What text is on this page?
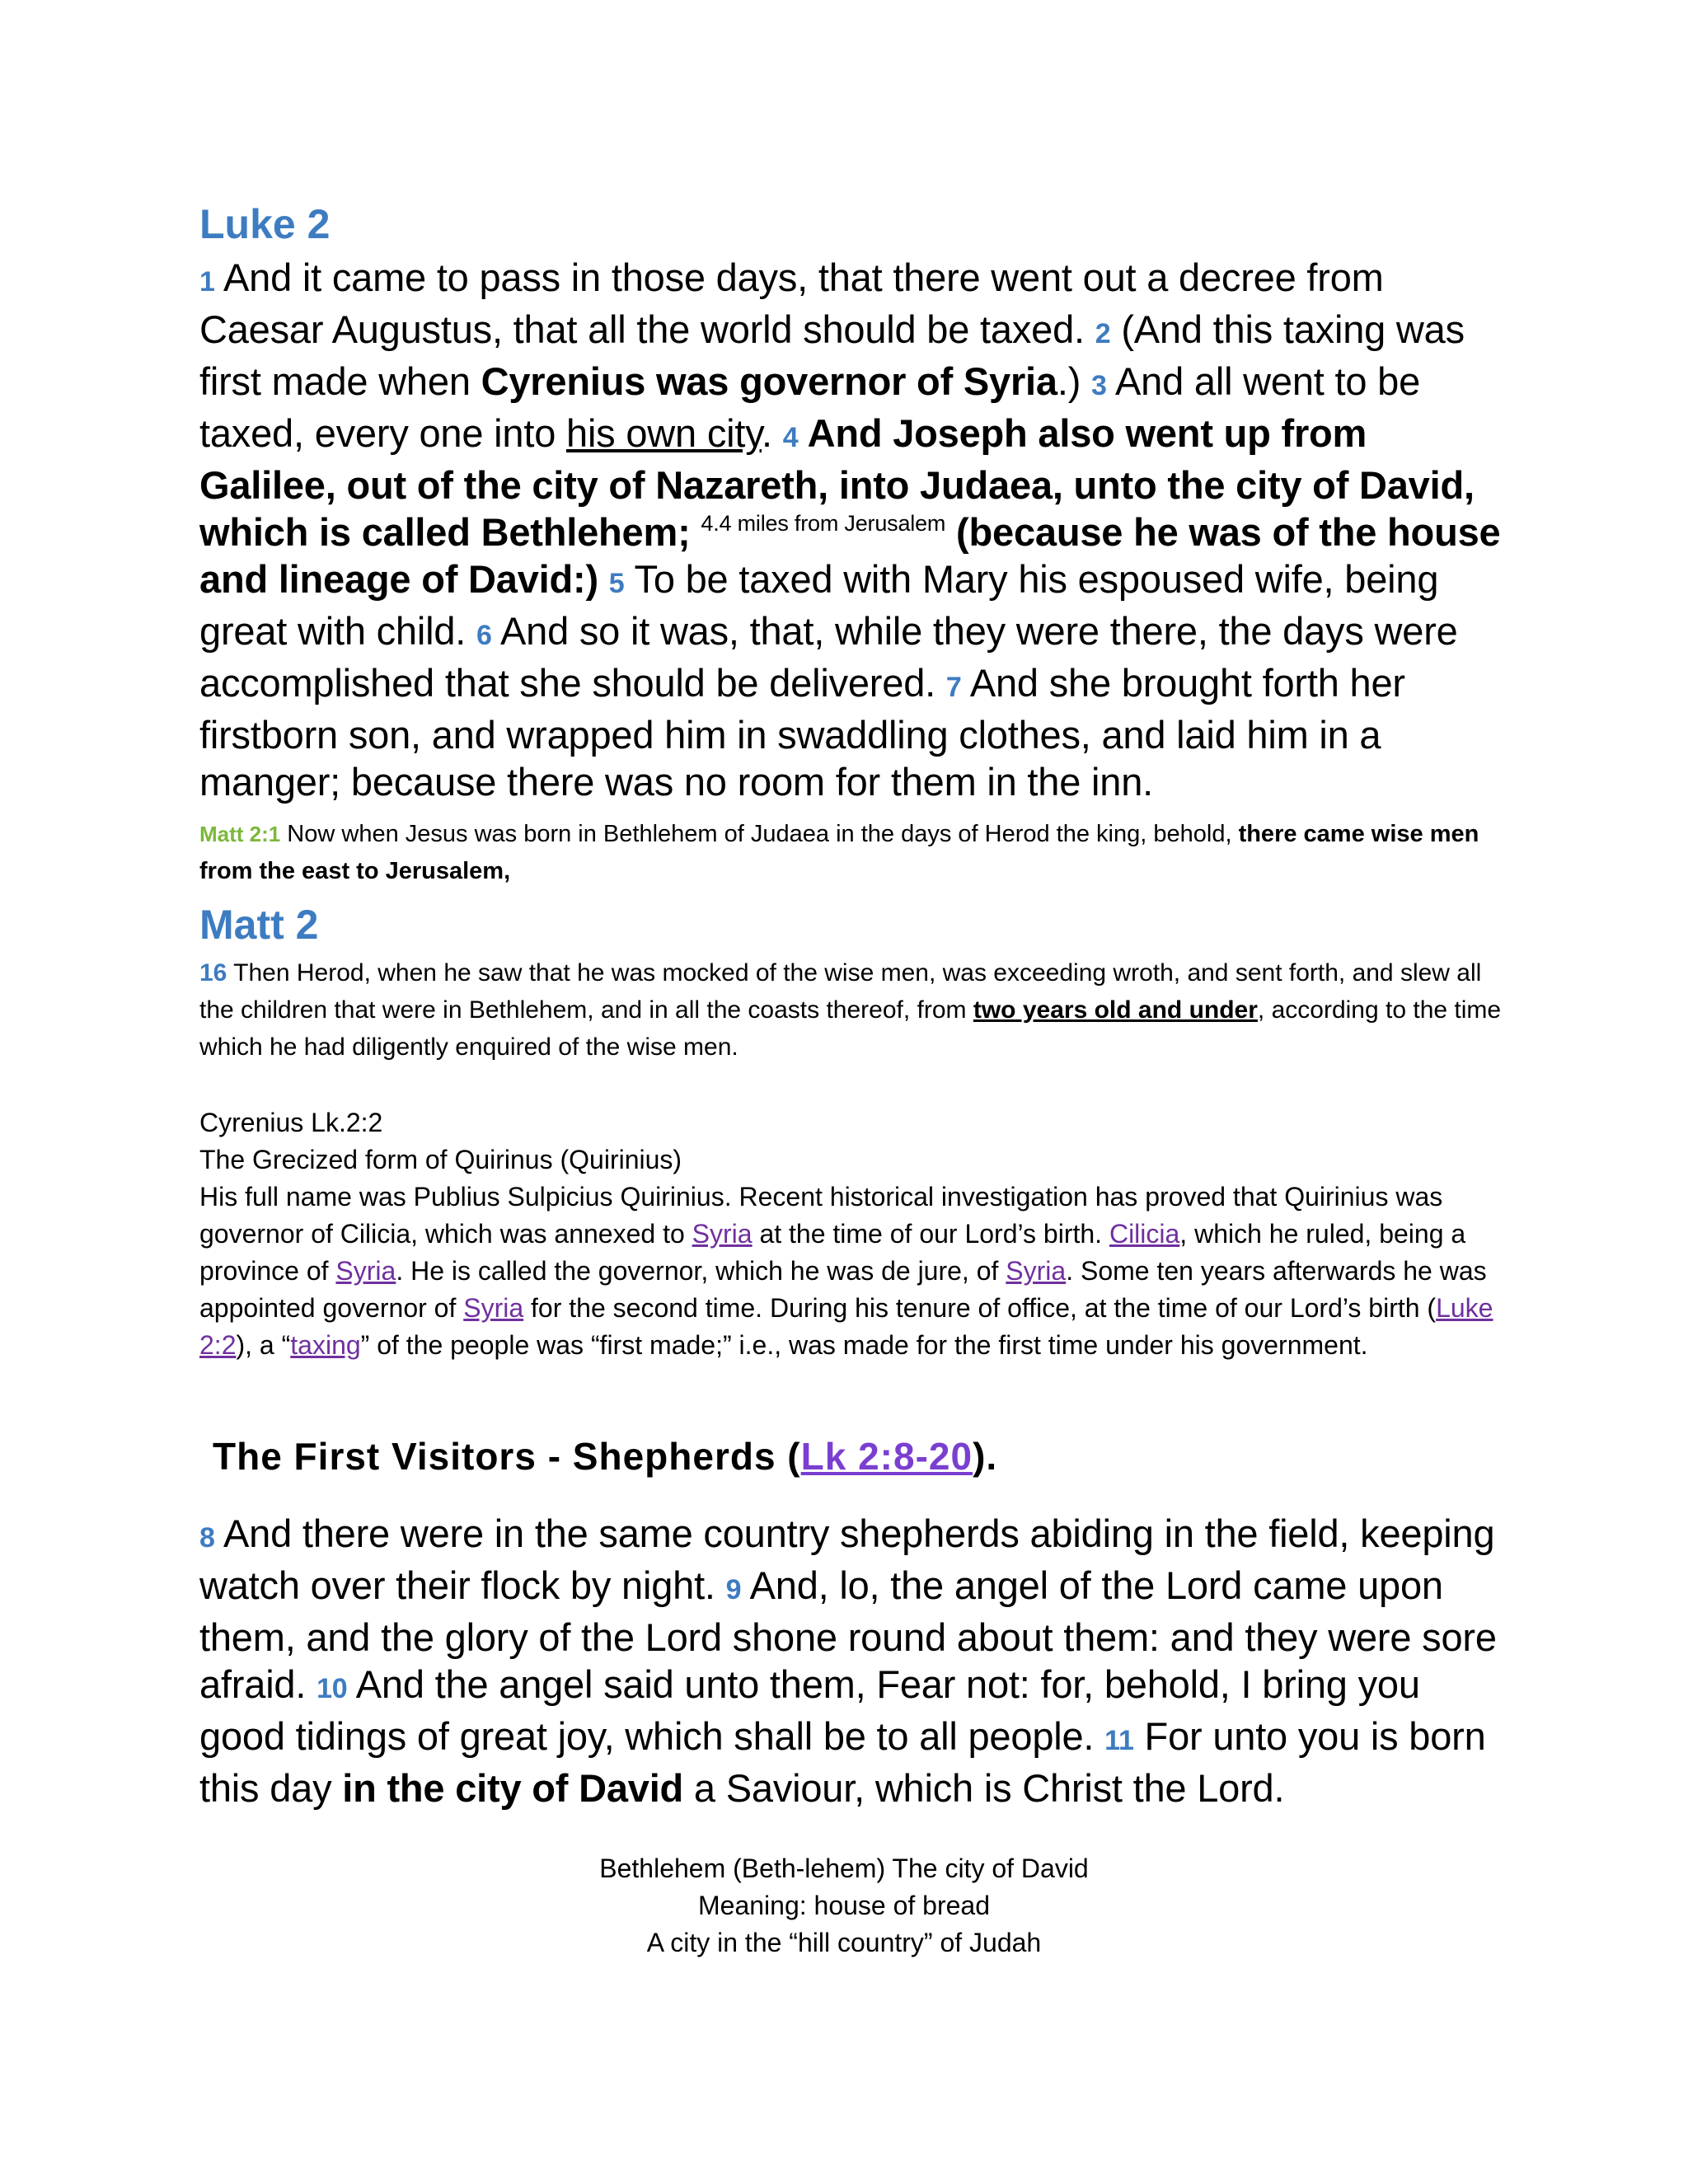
Luke 2

1 And it came to pass in those days, that there went out a decree from Caesar Augustus, that all the world should be taxed. 2 (And this taxing was first made when Cyrenius was governor of Syria.) 3 And all went to be taxed, every one into his own city. 4 And Joseph also went up from Galilee, out of the city of Nazareth, into Judaea, unto the city of David, which is called Bethlehem; $^{4.4 miles from Jerusalem}$ (because he was of the house and lineage of David:) 5 To be taxed with Mary his espoused wife, being great with child. 6 And so it was, that, while they were there, the days were accomplished that she should be delivered. 7 And she brought forth her firstborn son, and wrapped him in swaddling clothes, and laid him in a manger; because there was no room for them in the inn.

Matt 2:1 Now when Jesus was born in Bethlehem of Judaea in the days of Herod the king, behold, there came wise men from the east to Jerusalem,

Matt 2

16 Then Herod, when he saw that he was mocked of the wise men, was exceeding wroth, and sent forth, and slew all the children that were in Bethlehem, and in all the coasts thereof, from two years old and under, according to the time which he had diligently enquired of the wise men.

Cyrenius Lk.2:2

The Grecized form of Quirinus (Quirinius)

His full name was Publius Sulpicius Quirinius. Recent historical investigation has proved that Quirinius was governor of Cilicia, which was annexed to Syria at the time of our Lord’s birth. Cilicia, which he ruled, being a province of Syria. He is called the governor, which he was de jure, of Syria. Some ten years afterwards he was appointed governor of Syria for the second time. During his tenure of office, at the time of our Lord’s birth (Luke 2:2), a “taxing” of the people was “first made;” i.e., was made for the first time under his government.

The First Visitors - Shepherds (Lk 2:8-20).

8 And there were in the same country shepherds abiding in the field, keeping watch over their flock by night. 9 And, lo, the angel of the Lord came upon them, and the glory of the Lord shone round about them: and they were sore afraid. 10 And the angel said unto them, Fear not: for, behold, I bring you good tidings of great joy, which shall be to all people. 11 For unto you is born this day in the city of David a Saviour, which is Christ the Lord.

Bethlehem (Beth-lehem) The city of David

Meaning: house of bread

A city in the “hill country” of Judah
